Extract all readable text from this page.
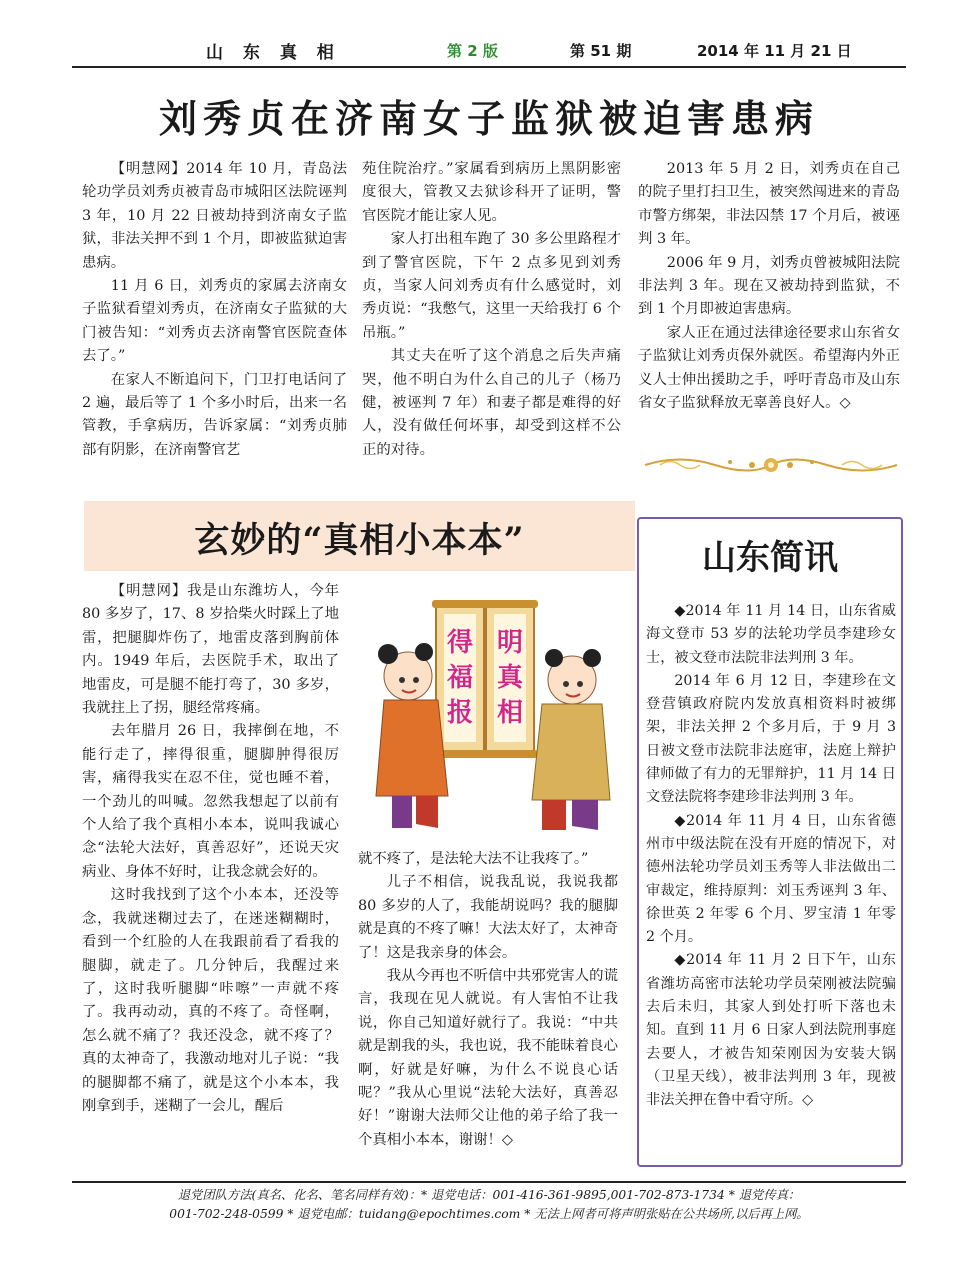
山 东 真 相	第 2 版	第 51 期	2014 年 11 月 21 日
刘秀贞在济南女子监狱被迫害患病

【明慧网】2014 年 10 月，青岛法轮功学员刘秀贞被青岛市城阳区法院诬判 3 年，10 月 22 日被劫持到济南女子监狱，非法关押不到 1 个月，即被监狱迫害患病。

11 月 6 日，刘秀贞的家属去济南女子监狱看望刘秀贞，在济南女子监狱的大门被告知：“刘秀贞去济南警官医院查体去了。”

在家人不断追问下，门卫打电话问了 2 遍，最后等了 1 个多小时后，出来一名管教，手拿病历，告诉家属：“刘秀贞肺部有阴影，在济南警官艺

苑住院治疗。”家属看到病历上黑阴影密度很大，管教又去狱诊科开了证明，警官医院才能让家人见。

家人打出租车跑了 30 多公里路程才到了警官医院，下午 2 点多见到刘秀贞，当家人问刘秀贞有什么感觉时，刘秀贞说：“我憋气，这里一天给我打 6 个吊瓶。”

其丈夫在听了这个消息之后失声痛哭，他不明白为什么自己的儿子（杨乃健，被诬判 7 年）和妻子都是难得的好人，没有做任何坏事，却受到这样不公正的对待。

2013 年 5 月 2 日，刘秀贞在自己的院子里打扫卫生，被突然闯进来的青岛市警方绑架，非法囚禁 17 个月后，被诬判 3 年。

2006 年 9 月，刘秀贞曾被城阳法院非法判 3 年。现在又被劫持到监狱，不到 1 个月即被迫害患病。

家人正在通过法律途径要求山东省女子监狱让刘秀贞保外就医。希望海内外正义人士伸出援助之手，呼吁青岛市及山东省女子监狱释放无辜善良好人。◇

玄妙的“真相小本本”

【明慧网】我是山东潍坊人，今年 80 多岁了，17、8 岁拾柴火时踩上了地雷，把腿脚炸伤了，地雷皮落到胸前体内。1949 年后，去医院手术，取出了地雷皮，可是腿不能打弯了，30 多岁，我就拄上了拐，腿经常疼痛。

去年腊月 26 日，我摔倒在地，不能行走了，摔得很重，腿脚肿得很厉害，痛得我实在忍不住，觉也睡不着，一个劲儿的叫喊。忽然我想起了以前有个人给了我个真相小本本，说叫我诚心念“法轮大法好，真善忍好”，还说天灾病业、身体不好时，让我念就会好的。

这时我找到了这个小本本，还没等念，我就迷糊过去了，在迷迷糊糊时，看到一个红脸的人在我跟前看了看我的腿脚，就走了。几分钟后，我醒过来了，这时我听腿脚“咔嚓”一声就不疼了。我再动动，真的不疼了。奇怪啊，怎么就不痛了？我还没念，就不疼了？真的太神奇了，我激动地对儿子说：“我的腿脚都不痛了，就是这个小本本，我刚拿到手，迷糊了一会儿，醒后

得
福
报
明
真
相

就不疼了，是法轮大法不让我疼了。”

儿子不相信，说我乱说，我说我都 80 多岁的人了，我能胡说吗？我的腿脚就是真的不疼了嘛！大法太好了，太神奇了！这是我亲身的体会。

我从今再也不听信中共邪党害人的谎言，我现在见人就说。有人害怕不让我说，你自己知道好就行了。我说：“中共就是割我的头，我也说，我不能昧着良心啊，好就是好嘛，为什么不说良心话呢？”我从心里说“法轮大法好，真善忍好！”谢谢大法师父让他的弟子给了我一个真相小本本，谢谢！◇

山东简讯

◆2014 年 11 月 14 日，山东省威海文登市 53 岁的法轮功学员李建珍女士，被文登市法院非法判刑 3 年。

2014 年 6 月 12 日，李建珍在文登营镇政府院内发放真相资料时被绑架，非法关押 2 个多月后，于 9 月 3 日被文登市法院非法庭审，法庭上辩护律师做了有力的无罪辩护，11 月 14 日文登法院将李建珍非法判刑 3 年。

◆2014 年 11 月 4 日，山东省德州市中级法院在没有开庭的情况下，对德州法轮功学员刘玉秀等人非法做出二审裁定，维持原判：刘玉秀诬判 3 年、徐世英 2 年零 6 个月、罗宝清 1 年零 2 个月。

◆2014 年 11 月 2 日下午，山东省潍坊高密市法轮功学员荣刚被法院骗去后未归，其家人到处打听下落也未知。直到 11 月 6 日家人到法院刑事庭去要人，才被告知荣刚因为安装大锅（卫星天线），被非法判刑 3 年，现被非法关押在鲁中看守所。◇

退党团队方法(真名、化名、笔名同样有效)：* 退党电话：001-416-361-9895,001-702-873-1734 * 退党传真：
001-702-248-0599 * 退党电邮：tuidang@epochtimes.com * 无法上网者可将声明张贴在公共场所,以后再上网。
